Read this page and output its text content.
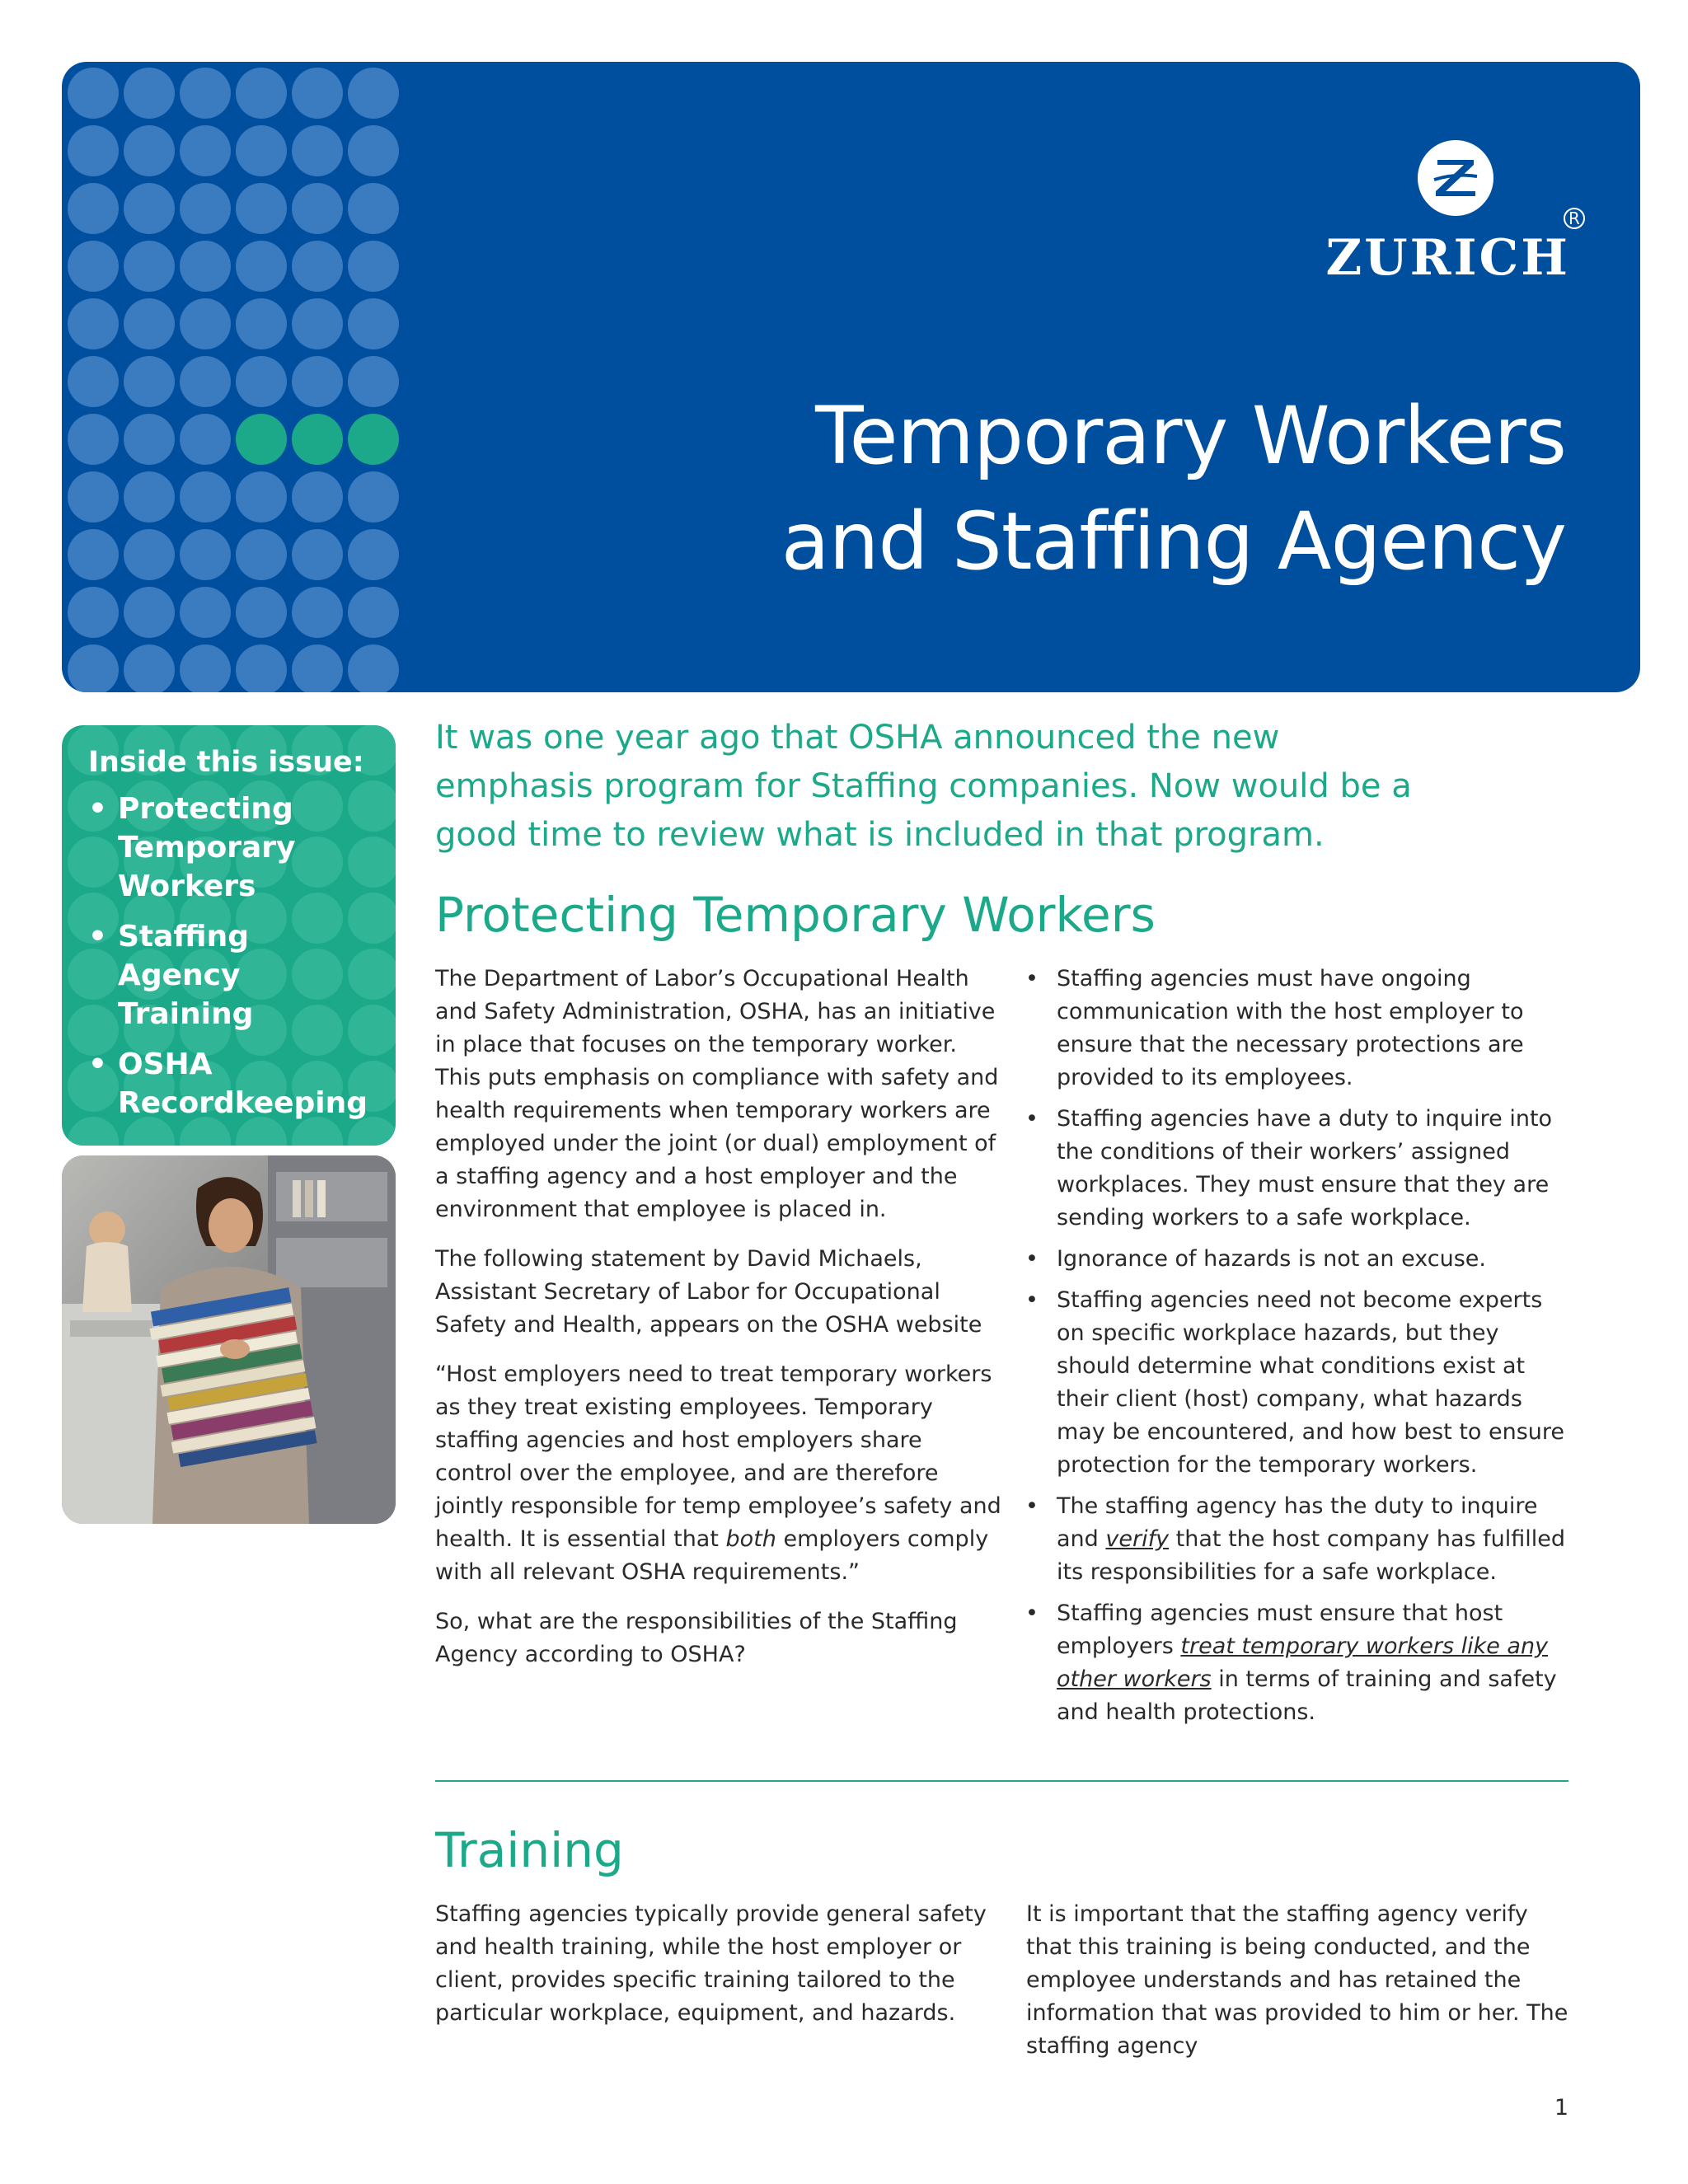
ZURICH
R
Temporary Workers
and Staffing Agency
Inside this issue:
• Protecting Temporary Workers
• Staffing Agency Training
• OSHA Recordkeeping

It was one year ago that OSHA announced the new emphasis program for Staffing companies. Now would be a good time to review what is included in that program.

Protecting Temporary Workers

The Department of Labor’s Occupational Health and Safety Administration, OSHA, has an initiative in place that focuses on the temporary worker. This puts emphasis on compliance with safety and health requirements when temporary workers are employed under the joint (or dual) employment of a staffing agency and a host employer and the environment that employee is placed in.

The following statement by David Michaels, Assistant Secretary of Labor for Occupational Safety and Health, appears on the OSHA website

“Host employers need to treat temporary workers as they treat existing employees. Temporary staffing agencies and host employers share control over the employee, and are therefore jointly responsible for temp employee’s safety and health. It is essential that both employers comply with all relevant OSHA requirements.”

So, what are the responsibilities of the Staffing Agency according to OSHA?

• Staffing agencies must have ongoing communication with the host employer to ensure that the necessary protections are provided to its employees.
• Staffing agencies have a duty to inquire into the conditions of their workers’ assigned workplaces. They must ensure that they are sending workers to a safe workplace.
• Ignorance of hazards is not an excuse.
• Staffing agencies need not become experts on specific workplace hazards, but they should determine what conditions exist at their client (host) company, what hazards may be encountered, and how best to ensure protection for the temporary workers.
• The staffing agency has the duty to inquire and verify that the host company has fulfilled its responsibilities for a safe workplace.
• Staffing agencies must ensure that host employers treat temporary workers like any other workers in terms of training and safety and health protections.
Training

Staffing agencies typically provide general safety and health training, while the host employer or client, provides specific training tailored to the particular workplace, equipment, and hazards.

It is important that the staffing agency verify that this training is being conducted, and the employee understands and has retained the information that was provided to him or her. The staffing agency

1
